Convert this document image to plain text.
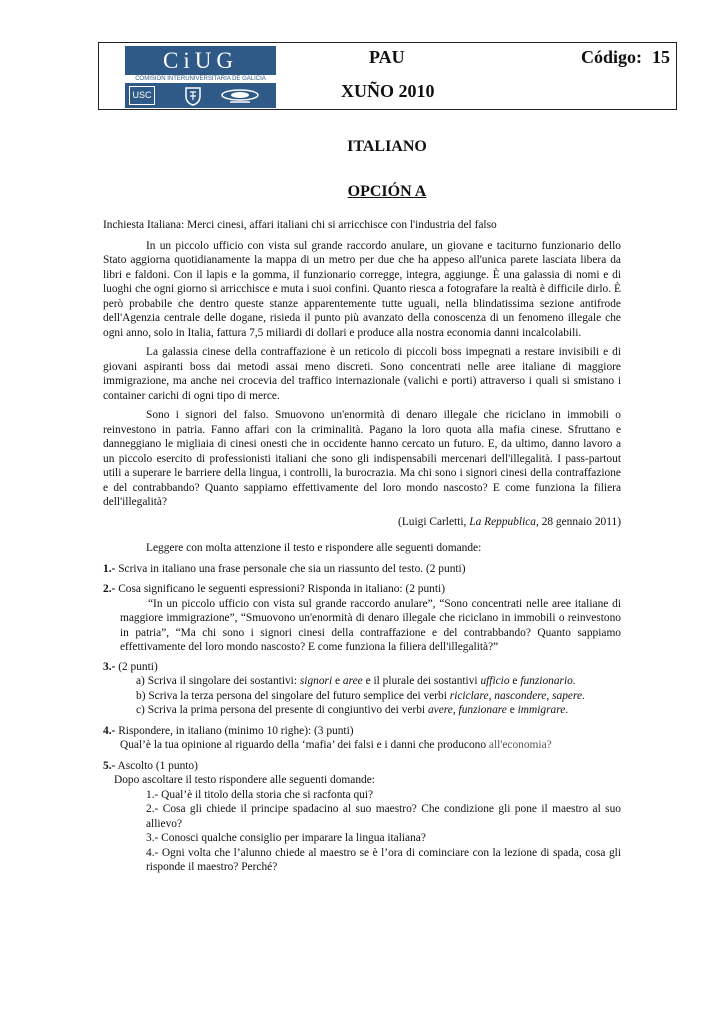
CiUG
COMISIÓN INTERUNIVERSITARIA DE GALICIA
USC
PAU
XUÑO 2010
Código: 15
ITALIANO
OPCIÓN A

Inchiesta Italiana: Merci cinesi, affari italiani chi si arricchisce con l'industria del falso

In un piccolo ufficio con vista sul grande raccordo anulare, un giovane e taciturno funzionario dello Stato aggiorna quotidianamente la mappa di un metro per due che ha appeso all'unica parete lasciata libera da libri e faldoni. Con il lapis e la gomma, il funzionario corregge, integra, aggiunge. È una galassia di nomi e di luoghi che ogni giorno si arricchisce e muta i suoi confini. Quanto riesca a fotografare la realtà è difficile dirlo. È però probabile che dentro queste stanze apparentemente tutte uguali, nella blindatissima sezione antifrode dell'Agenzia centrale delle dogane, risieda il punto più avanzato della conoscenza di un fenomeno illegale che ogni anno, solo in Italia, fattura 7,5 miliardi di dollari e produce alla nostra economia danni incalcolabili.

La galassia cinese della contraffazione è un reticolo di piccoli boss impegnati a restare invisibili e di giovani aspiranti boss dai metodi assai meno discreti. Sono concentrati nelle aree italiane di maggiore immigrazione, ma anche nei crocevia del traffico internazionale (valichi e porti) attraverso i quali si smistano i container carichi di ogni tipo di merce.

Sono i signori del falso. Smuovono un'enormità di denaro illegale che riciclano in immobili o reinvestono in patria. Fanno affari con la criminalità. Pagano la loro quota alla mafia cinese. Sfruttano e danneggiano le migliaia di cinesi onesti che in occidente hanno cercato un futuro. E, da ultimo, danno lavoro a un piccolo esercito di professionisti italiani che sono gli indispensabili mercenari dell'illegalità. I pass-partout utili a superare le barriere della lingua, i controlli, la burocrazia. Ma chi sono i signori cinesi della contraffazione e del contrabbando? Quanto sappiamo effettivamente del loro mondo nascosto? E come funziona la filiera dell'illegalità?

(Luigi Carletti, La Reppublica, 28 gennaio 2011)

Leggere con molta attenzione il testo e rispondere alle seguenti domande:

1.- Scriva in italiano una frase personale che sia un riassunto del testo. (2 punti)

2.- Cosa significano le seguenti espressioni? Risponda in italiano: (2 punti)

“In un piccolo ufficio con vista sul grande raccordo anulare”, “Sono concentrati nelle aree italiane di maggiore immigrazione”, “Smuovono un'enormità di denaro illegale che riciclano in immobili o reinvestono in patria”, “Ma chi sono i signori cinesi della contraffazione e del contrabbando? Quanto sappiamo effettivamente del loro mondo nascosto? E come funziona la filiera dell'illegalità?”

3.- (2 punti)

a) Scriva il singolare dei sostantivi: signori e aree e il plurale dei sostantivi ufficio e funzionario.

b) Scriva la terza persona del singolare del futuro semplice dei verbi riciclare, nascondere, sapere.

c) Scriva la prima persona del presente di congiuntivo dei verbi avere, funzionare e immigrare.

4.- Rispondere, in italiano (minimo 10 righe): (3 punti)

Qual’è la tua opinione al riguardo della ‘mafia’ dei falsi e i danni che producono all'economia?

5.- Ascolto (1 punto)

Dopo ascoltare il testo rispondere alle seguenti domande:

1.- Qual’è il titolo della storia che si racfonta qui?

2.- Cosa gli chiede il principe spadacino al suo maestro? Che condizione gli pone il maestro al suo allievo?

3.- Conosci qualche consiglio per imparare la lingua italiana?

4.- Ogni volta che l’alunno chiede al maestro se è l’ora di cominciare con la lezione di spada, cosa gli risponde il maestro? Perché?
